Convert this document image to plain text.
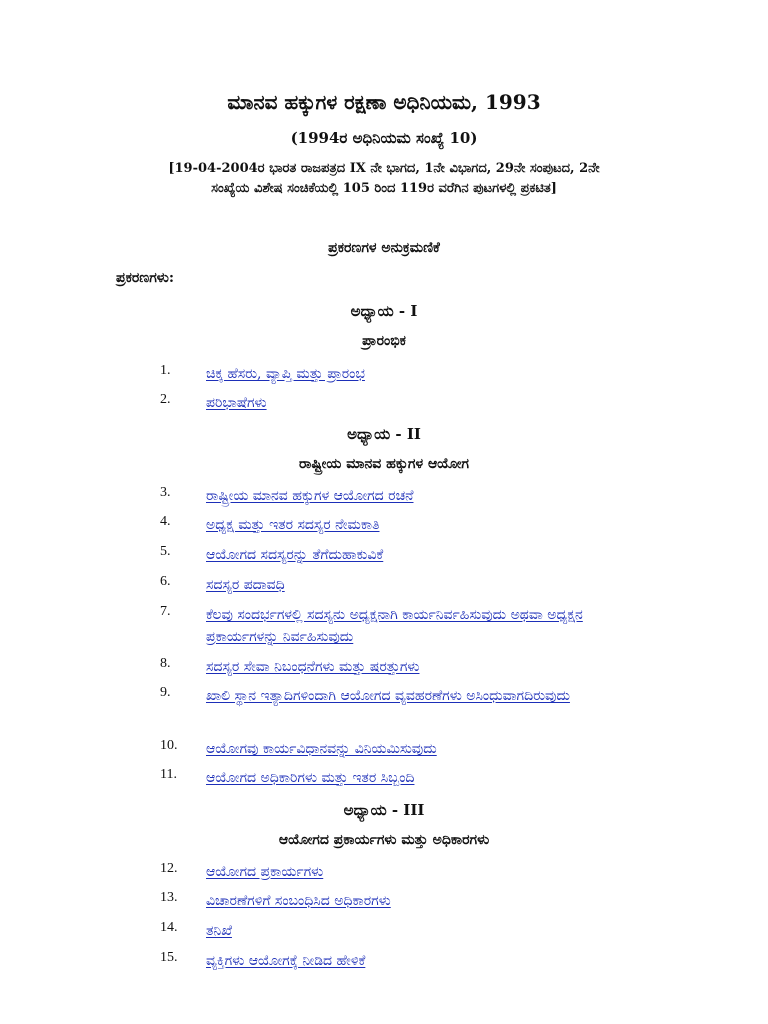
ಮಾನವ ಹಕ್ಕುಗಳ ರಕ್ಷಣಾ ಅಧಿನಿಯಮ, 1993
(1994ರ ಅಧಿನಿಯಮ ಸಂಖ್ಯೆ 10)
[19-04-2004ರ ಭಾರತ ರಾಜಪತ್ರದ IX ನೇ ಭಾಗದ, 1ನೇ ವಿಭಾಗದ, 29ನೇ ಸಂಪುಟದ, 2ನೇ
ಸಂಖ್ಯೆಯ ವಿಶೇಷ ಸಂಚಿಕೆಯಲ್ಲಿ 105 ರಿಂದ 119ರ ವರೆಗಿನ ಪುಟಗಳಲ್ಲಿ ಪ್ರಕಟಿತ]
ಪ್ರಕರಣಗಳ ಅನುಕ್ರಮಣಿಕೆ
ಪ್ರಕರಣಗಳು:
ಅಧ್ಯಾಯ - I
ಪ್ರಾರಂಭಿಕ
1.	ಚಿಕ್ಕ ಹೆಸರು, ವ್ಯಾಪ್ತಿ ಮತ್ತು ಪ್ರಾರಂಭ
2.	ಪರಿಭಾಷೆಗಳು
ಅಧ್ಯಾಯ - II
ರಾಷ್ಟ್ರೀಯ ಮಾನವ ಹಕ್ಕುಗಳ ಆಯೋಗ
3.	ರಾಷ್ಟ್ರೀಯ ಮಾನವ ಹಕ್ಕುಗಳ ಆಯೋಗದ ರಚನೆ
4.	ಅಧ್ಯಕ್ಷ ಮತ್ತು ಇತರ ಸದಸ್ಯರ ನೇಮಕಾತಿ
5.	ಆಯೋಗದ ಸದಸ್ಯರನ್ನು ತೆಗೆದುಹಾಕುವಿಕೆ
6.	ಸದಸ್ಯರ ಪದಾವಧಿ
7.	ಕೆಲವು ಸಂದರ್ಭಗಳಲ್ಲಿ ಸದಸ್ಯನು ಅಧ್ಯಕ್ಷನಾಗಿ ಕಾರ್ಯನಿರ್ವಹಿಸುವುದು ಅಥವಾ ಅಧ್ಯಕ್ಷನ ಪ್ರಕಾರ್ಯಗಳನ್ನು ನಿರ್ವಹಿಸುವುದು
8.	ಸದಸ್ಯರ ಸೇವಾ ನಿಬಂಧನೆಗಳು ಮತ್ತು ಷರತ್ತುಗಳು
9.	ಖಾಲಿ ಸ್ಥಾನ ಇತ್ಯಾದಿಗಳಿಂದಾಗಿ ಆಯೋಗದ ವ್ಯವಹರಣೆಗಳು ಅಸಿಂಧುವಾಗದಿರುವುದು
10.	ಆಯೋಗವು ಕಾರ್ಯವಿಧಾನವನ್ನು ವಿನಿಯಮಿಸುವುದು
11.	ಆಯೋಗದ ಅಧಿಕಾರಿಗಳು ಮತ್ತು ಇತರ ಸಿಬ್ಬಂದಿ
ಅಧ್ಯಾಯ - III
ಆಯೋಗದ ಪ್ರಕಾರ್ಯಗಳು ಮತ್ತು ಅಧಿಕಾರಗಳು
12.	ಆಯೋಗದ ಪ್ರಕಾರ್ಯಗಳು
13.	ವಿಚಾರಣೆಗಳಿಗೆ ಸಂಬಂಧಿಸಿದ ಅಧಿಕಾರಗಳು
14.	ತನಿಖೆ
15.	ವ್ಯಕ್ತಿಗಳು ಆಯೋಗಕ್ಕೆ ನೀಡಿದ ಹೇಳಿಕೆ
